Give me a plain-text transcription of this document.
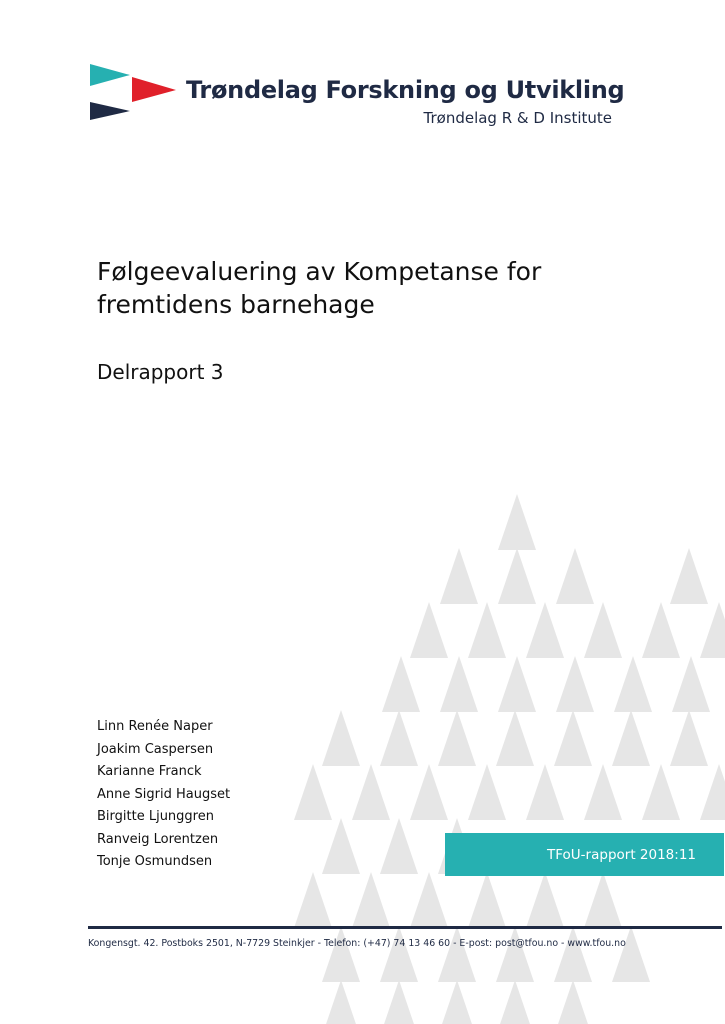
Trøndelag Forskning og Utvikling

Trøndelag R & D Institute

Følgeevaluering av Kompetanse for fremtidens barnehage
Delrapport 3
Linn Renée Naper
Joakim Caspersen
Karianne Franck
Anne Sigrid Haugset
Birgitte Ljunggren
Ranveig Lorentzen
Tonje Osmundsen	TFoU-rapport 2018:11

Kongensgt. 42. Postboks 2501, N-7729 Steinkjer - Telefon: (+47) 74 13 46 60 - E-post: post@tfou.no - www.tfou.no
